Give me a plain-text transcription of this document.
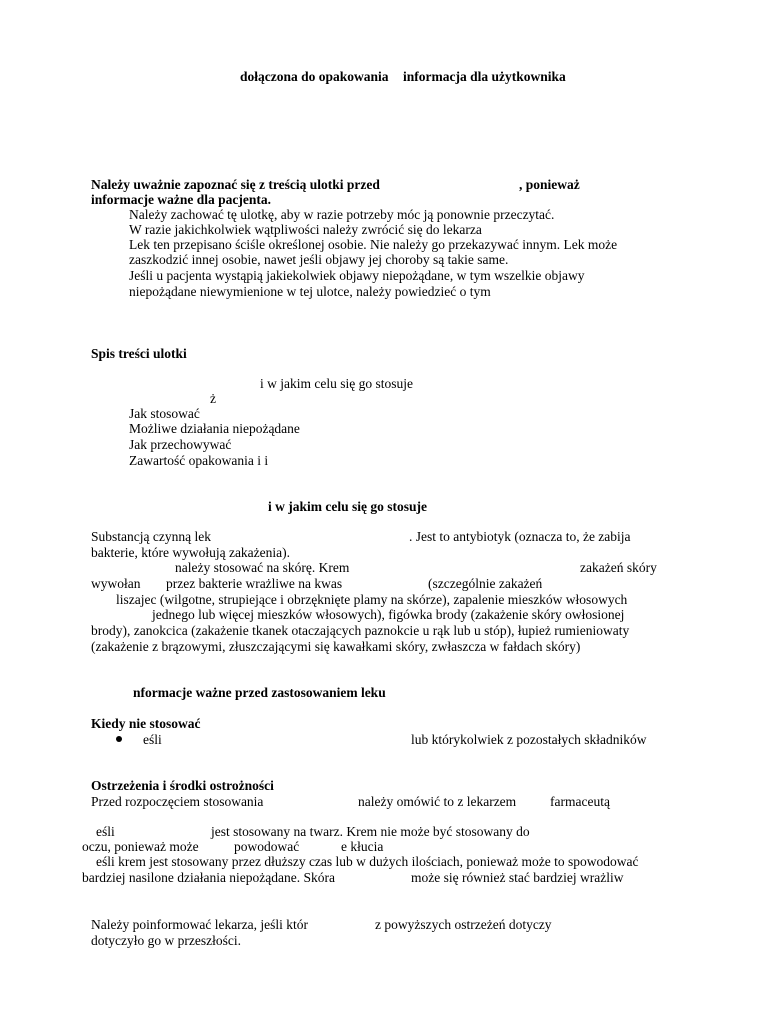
dołączona do opakowania informacja dla użytkownika
Należy uważnie zapoznać się z treścią ulotki przed	, ponieważ
informacje ważne dla pacjenta.
Należy zachować tę ulotkę, aby w razie potrzeby móc ją ponownie przeczytać.
W razie jakichkolwiek wątpliwości należy zwrócić się do lekarza
Lek ten przepisano ściśle określonej osobie. Nie należy go przekazywać innym. Lek może
zaszkodzić innej osobie, nawet jeśli objawy jej choroby są takie same.
Jeśli u pacjenta wystąpią jakiekolwiek objawy niepożądane, w tym wszelkie objawy
niepożądane niewymienione w tej ulotce, należy powiedzieć o tym
Spis treści ulotki
i w jakim celu się go stosuje
ż
Jak stosować
Możliwe działania niepożądane
Jak przechowywać
Zawartość opakowania i i
i w jakim celu się go stosuje
Substancją czynną lek	. Jest to antybiotyk (oznacza to, że zabija
bakterie, które wywołują zakażenia).
należy stosować na skórę. Krem	zakażeń skóry
wywołan przez bakterie wrażliwe na kwas	(szczególnie zakażeń
liszajec (wilgotne, strupiejące i obrzęknięte plamy na skórze), zapalenie mieszków włosowych
jednego lub więcej mieszków włosowych), figówka brody (zakażenie skóry owłosionej
brody), zanokcica (zakażenie tkanek otaczających paznokcie u rąk lub u stóp), łupież rumieniowaty
(zakażenie z brązowymi, złuszczającymi się kawałkami skóry, zwłaszcza w fałdach skóry)
nformacje ważne przed zastosowaniem leku
Kiedy nie stosować
eśli	lub którykolwiek z pozostałych składników
Ostrzeżenia i środki ostrożności
Przed rozpoczęciem stosowania	należy omówić to z lekarzem	farmaceutą
eśli	jest stosowany na twarz. Krem nie może być stosowany do
oczu, ponieważ może	powodować	e kłucia
eśli krem jest stosowany przez dłuższy czas lub w dużych ilościach, ponieważ może to spowodować
bardziej nasilone działania niepożądane. Skóra	może się również stać bardziej wrażliw
Należy poinformować lekarza, jeśli któr	z powyższych ostrzeżeń dotyczy
dotyczyło go w przeszłości.
